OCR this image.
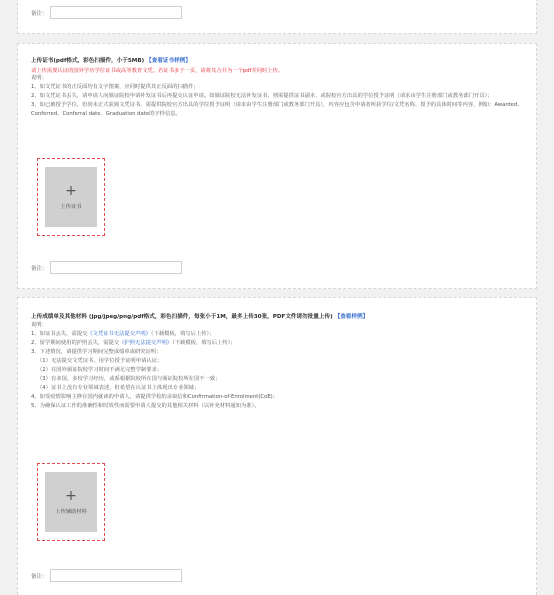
备注：
上传证书(pdf格式，彩色扫描件，小于5MB) 【查看证书样例】
请上传需要认证的国外学历学位证书或高等教育文凭。若证书多于一页，请将其合并为一个pdf并同时上传。
说明：
1、如文凭证书的正反面均有文字图案，应同时提供其正反面的扫描件；
2、如文凭证书丢失，请申请人向颁证院校申请补发证书后再提交认证申请。如颁证院校无法补发证书，则需提供证书副本、或院校官方出具的学位授予证明（请求由学生注册部门或教务部门开具）；
3、如已被授予学位，但尚未正式获颁文凭证书，需提供院校官方出具的学位授予证明（请求由学生注册部门或教务部门开具），内容应包含申请者所获学位/文凭名称、授予的具体时间等内容，例如：Awarded、Conferred、Conferral date、Graduation date的字样信息。
+
上传证书
备注：
上传成绩单及其他材料 (jpg/jpeg/png/pdf格式，彩色扫描件，每张小于1M，最多上传30张，PDF文件请勿批量上传) 【查看样例】
说明：
1、如证书丢失，需提交《文凭证书无法提交声明》（下载模板，填写后上传）；
2、留学期间使用的护照丢失，需提交《护照无法提交声明》（下载模板，填写后上传）；
3、下述情况，请提供学习期间完整成绩单或研究证明：
（1）无法提交文凭证书，用学位授予证明申请认证；
（2）在国外颁证院校学习时间不满足完整学制要求；
（3）有多国、多校学习经历，或系根据院校所在国与颁证院校所在国不一致；
（4）证书上没有专业领域表述，但希望在认证书上体现出专业领域；
4、如受疫情影响主修在国内就读的申请人，请提供学校的录取信和Confirmation-of-Enrolment(CoE)；
5、为确保认证工作的准确性和时效性而需要申请人提交的其他相关材料（以补充材料通知为准）。
+
上传辅助材料
备注：
